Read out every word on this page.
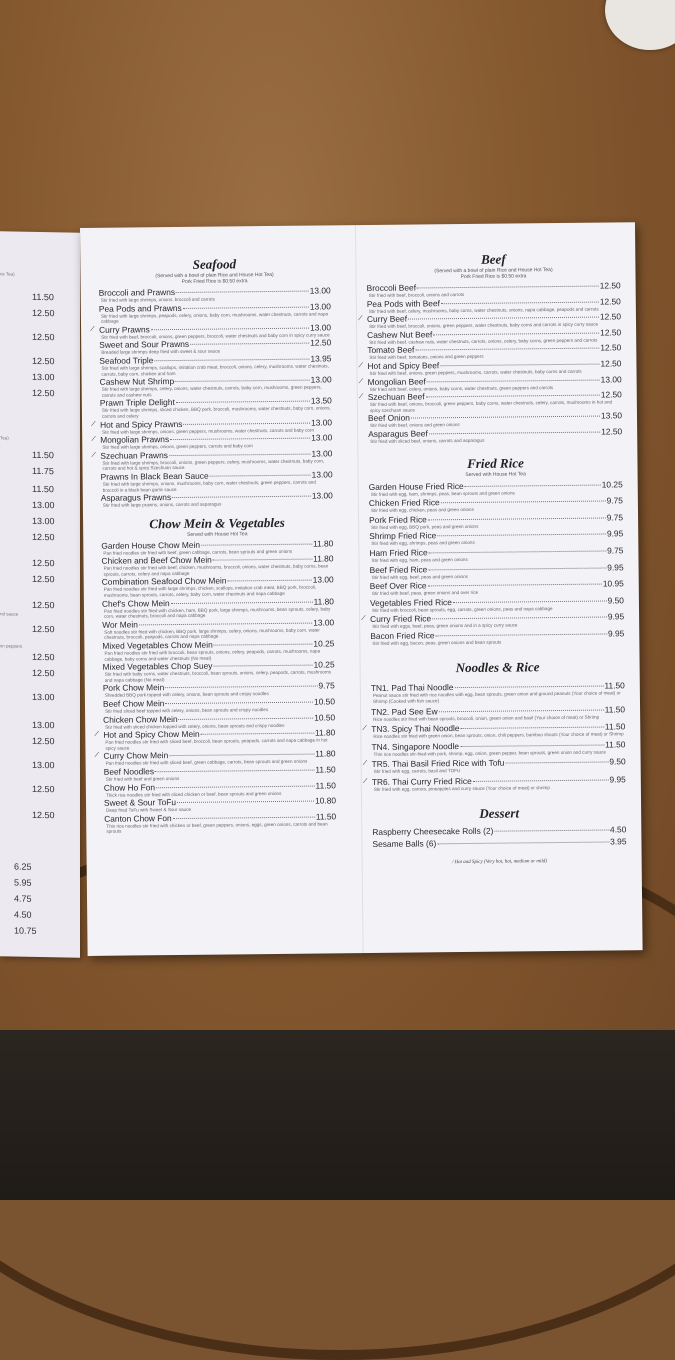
11.50
12.50
12.50
12.50
13.00
12.50
11.50
11.75
11.50
13.00
13.00
12.50
12.50
12.50
12.50
12.50
12.50
12.50
13.00
13.00
12.50
13.00
12.50
12.50
6.25
5.95
4.75
4.50
10.75
ce Tea)
Tea)
sn peppers
nd sauce
Seafood
(Served with a bowl of plain Rice and House Hot Tea)
Pork Fried Rice is $0.50 extra
Broccoli and Prawns	13.00
Stir fried with large shrimps, onions, broccoli and carrots
Pea Pods and Prawns	13.00
Stir fried with large shrimps, peapods, celery, onions, baby corn, mushrooms, water chestnuts, carrots and napa cabbage
⁄ Curry Prawns	13.00
Stir fried with beef, broccoli, onions, green peppers, broccoli, water chestnuts and baby corn in spicy curry sauce
Sweet and Sour Prawns	12.50
Breaded large shrimps deep fried with sweet & sour sauce
Seafood Triple	13.95
Stir fried with large shrimps, scallops, imitation crab meat, broccoli, onions, celery, mushrooms, water chestnuts, carrots, baby corn, chicken and ham
Cashew Nut Shrimp	13.00
Stir fried with large shrimps, celery, onions, water chestnuts, carrots, baby corn, mushrooms, green peppers, carrots and cashew nuts
Prawn Triple Delight	13.50
Stir fried with large shrimps, sliced chicken, BBQ pork, broccoli, mushrooms, water chestnuts, baby corn, onions, carrots and celery
⁄ Hot and Spicy Prawns	13.00
Stir fried with large shrimps, onions, green peppers, mushrooms, water chestnuts, carrots and baby corn
⁄ Mongolian Prawns	13.00
Stir fried with large shrimps, onions, green peppers, carrots and baby corn
⁄ Szechuan Prawns	13.00
Stir fried with large shrimps, broccoli, onions, green peppers, celery, mushrooms, water chestnuts, baby corn, carrots and hot & spicy Szechuan sauce
Prawns In Black Bean Sauce	13.00
Stir fried with large shrimps, onions, mushrooms, baby corn, water chestnuts, green peppers, carrots and broccoli in a black bean garlic sauce
Asparagus Prawns	13.00
Stir fried with large prawns, onions, carrots and asparagus
Chow Mein & Vegetables
Served with House Hot Tea
Garden House Chow Mein	11.80
Pan fried noodles stir fried with beef, green cabbage, carrots, bean sprouts and green onions
Chicken and Beef Chow Mein	11.80
Pan fried noodles stir fried with beef, chicken, mushrooms, broccoli, onions, water chestnuts, baby corns, bean sprouts, carrots, celery and napa cabbage
Combination Seafood Chow Mein	13.00
Pan fried noodles stir fried with large shrimps, chicken, scallops, imitation crab meat, BBQ pork, broccoli, mushrooms, bean sprouts, carrots, celery, baby corn, water chestnuts and napa cabbage
Chef's Chow Mein	11.80
Pan fried noodles stir fried with chicken, ham, BBQ pork, large shrimps, mushrooms, bean sprouts, celery, baby corn, water chestnuts, broccoli and napa cabbage
Wor Mein	13.00
Soft noodles stir fried with chicken, BBQ pork, large shrimps, celery, onions, mushrooms, baby corn, water chestnuts, broccoli, peapods, carrots and napa cabbage
Mixed Vegetables Chow Mein	10.25
Pan fried noodles stir fried with broccoli, bean sprouts, onions, celery, peapods, carrots, mushrooms, napa cabbage, baby corns and water chestnuts (No meat)
Mixed Vegetables Chop Suey	10.25
Stir fried with baby corns, water chestnuts, broccoli, bean sprouts, onions, celery, peapods, carrots, mushrooms and napa cabbage (No meat)
Pork Chow Mein	9.75
Shredded BBQ pork topped with celery, onions, bean sprouts and crispy noodles
Beef Chow Mein	10.50
Stir fried sliced beef topped with celery, onions, bean sprouts and crispy noodles
Chicken Chow Mein	10.50
Stir fried with sliced chicken topped with celery, onions, bean sprouts and crispy noodles
⁄ Hot and Spicy Chow Mein	11.80
Pan fried noodles stir fried with sliced beef, broccoli, bean sprouts, peapods, carrots and napa cabbage in hot spicy sauce
⁄ Curry Chow Mein	11.80
Pan fried noodles stir fried with sliced beef, green cabbage, carrots, bean sprouts and green onions
Beef Noodles	11.50
Stir fried with beef and green onions
Chow Ho Fon	11.50
Thick rice noodles stir fried with sliced chicken or beef, bean sprouts and green onions
Sweet & Sour ToFu	10.80
Deep fried ToFu with Sweet & Sour sauce
Canton Chow Fon	11.50
Thin rice noodles stir fried with chicken or beef, green peppers, onions, eggs, green onions, carrots and bean sprouts
Beef
(Served with a bowl of plain Rice and House Hot Tea)
Pork Fried Rice is $0.50 extra
Broccoli Beef	12.50
Stir fried with beef, broccoli, onions and carrots
Pea Pods with Beef	12.50
Stir fried with beef, celery, mushrooms, baby corns, water chestnuts, onions, napa cabbage, peapods and carrots
⁄ Curry Beef	12.50
Stir fried with beef, broccoli, onions, green peppers, water chestnuts, baby corns and carrots in spicy curry sauce
Cashew Nut Beef	12.50
Stir fried with beef, cashew nuts, water chestnuts, carrots, onions, celery, baby corns, green peppers and carrots
Tomato Beef	12.50
Stir fried with beef, tomatoes, onions and green peppers
⁄ Hot and Spicy Beef	12.50
Stir fried with beef, onions, green peppers, mushrooms, carrots, water chestnuts, baby corns and carrots
⁄ Mongolian Beef	13.00
Stir fried with beef, celery, onions, baby corns, water chestnuts, green peppers and carrots
⁄ Szechuan Beef	12.50
Stir fried with beef, onions, broccoli, green peppers, baby corns, water chestnuts, celery, carrots, mushrooms in hot and spicy szechuan sauce
Beef Onion	13.50
Stir fried with beef, onions and green onions
Asparagus Beef	12.50
Stir fried with sliced beef, onions, carrots and asparagus
Fried Rice
Served with House Hot Tea
Garden House Fried Rice	10.25
Stir fried with egg, ham, shrimps, peas, bean sprouts and green onions
Chicken Fried Rice	9.75
Stir fried with egg, chicken, peas and green onions
Pork Fried Rice	9.75
Stir fried with egg, BBQ pork, peas and green onions
Shrimp Fried Rice	9.95
Stir fried with egg, shrimps, peas and green onions
Ham Fried Rice	9.75
Stir fried with egg, ham, peas and green onions
Beef Fried Rice	9.95
Stir fried with egg, beef, peas and green onions
Beef Over Rice	10.95
Stir fried with beef, peas, green onions and over rice
Vegetables Fried Rice	9.50
Stir fried with broccoli, bean sprouts, egg, carrots, green onions, peas and napa cabbage
⁄ Curry Fried Rice	9.95
Stir fried with eggs, beef, peas, green onions and in a spicy curry sauce
Bacon Fried Rice	9.95
Stir fried with egg, bacon, peas, green onions and bean sprouts
Noodles & Rice
TN1. Pad Thai Noodle	11.50
Peanut sauce stir fried with rice noodles with egg, bean sprouts, green onion and ground peanuts (Your choice of meat) or Shrimp (Cooked with fish sauce)
TN2. Pad See Ew	11.50
Rice noodles stir fried with bean sprouts, broccoli, onion, green onion and basil (Your choice of meat) or Shrimp
⁄ TN3. Spicy Thai Noodle	11.50
Rice noodles stir fried with green onion, bean sprouts, onion, chili peppers, bamboo shoots (Your choice of meat) or Shrimp
TN4. Singapore Noodle	11.50
Thin rice noodles stir-fried with pork, shrimp, egg, onion, green pepper, bean sprouts, green onion and curry sauce
⁄ TR5. Thai Basil Fried Rice with Tofu	9.50
Stir fried with egg, carrots, basil and TOFU
⁄ TR6. Thai Curry Fried Rice	9.95
Stir fried with egg, carrots, pineapples and curry sauce (Your choice of meat) or shrimp
Dessert
Raspberry Cheesecake Rolls (2)	4.50
Sesame Balls (6)	3.95
⁄ Hot and Spicy (Very hot, hot, medium or mild)
